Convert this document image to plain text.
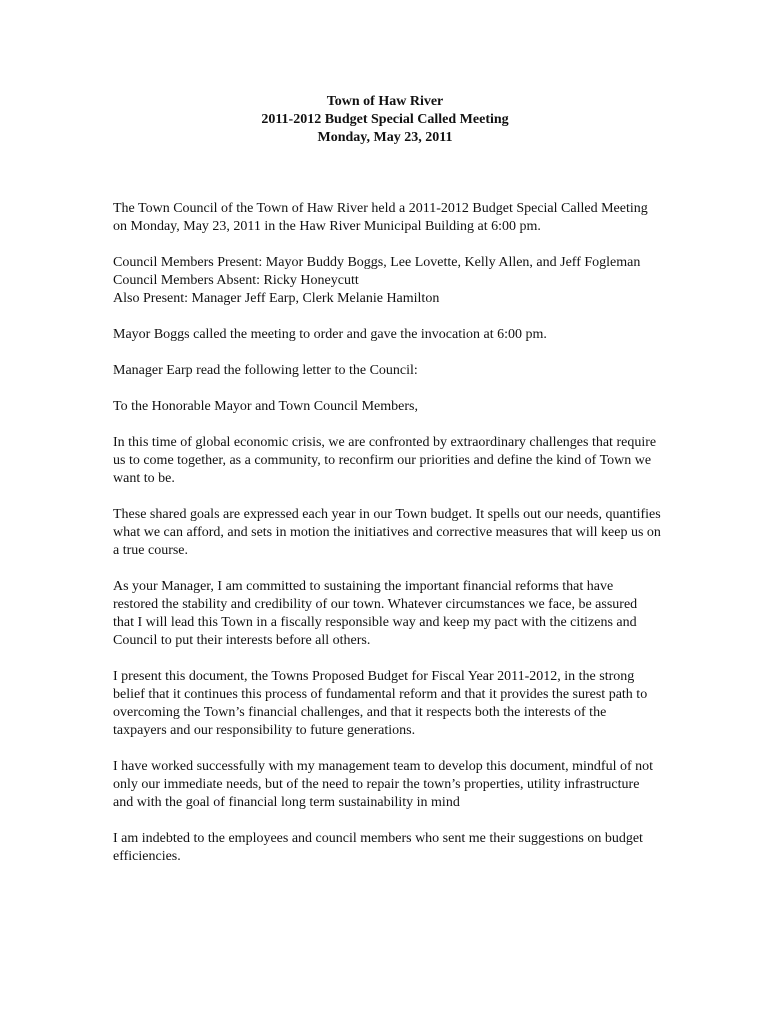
Town of Haw River
2011-2012 Budget Special Called Meeting
Monday, May 23, 2011

The Town Council of the Town of Haw River held a 2011-2012 Budget Special Called Meeting on Monday, May 23, 2011 in the Haw River Municipal Building at 6:00 pm.

Council Members Present: Mayor Buddy Boggs, Lee Lovette, Kelly Allen, and Jeff Fogleman

Council Members Absent: Ricky Honeycutt

Also Present: Manager Jeff Earp, Clerk Melanie Hamilton

Mayor Boggs called the meeting to order and gave the invocation at 6:00 pm.

Manager Earp read the following letter to the Council:

To the Honorable Mayor and Town Council Members,

In this time of global economic crisis, we are confronted by extraordinary challenges that require us to come together, as a community, to reconfirm our priorities and define the kind of Town we want to be.

These shared goals are expressed each year in our Town budget. It spells out our needs, quantifies what we can afford, and sets in motion the initiatives and corrective measures that will keep us on a true course.

As your Manager, I am committed to sustaining the important financial reforms that have restored the stability and credibility of our town. Whatever circumstances we face, be assured that I will lead this Town in a fiscally responsible way and keep my pact with the citizens and Council to put their interests before all others.

I present this document, the Towns Proposed Budget for Fiscal Year 2011-2012, in the strong belief that it continues this process of fundamental reform and that it provides the surest path to overcoming the Town’s financial challenges, and that it respects both the interests of the taxpayers and our responsibility to future generations.

I have worked successfully with my management team to develop this document, mindful of not only our immediate needs, but of the need to repair the town’s properties, utility infrastructure and with the goal of financial long term sustainability in mind

I am indebted to the employees and council members who sent me their suggestions on budget efficiencies.
